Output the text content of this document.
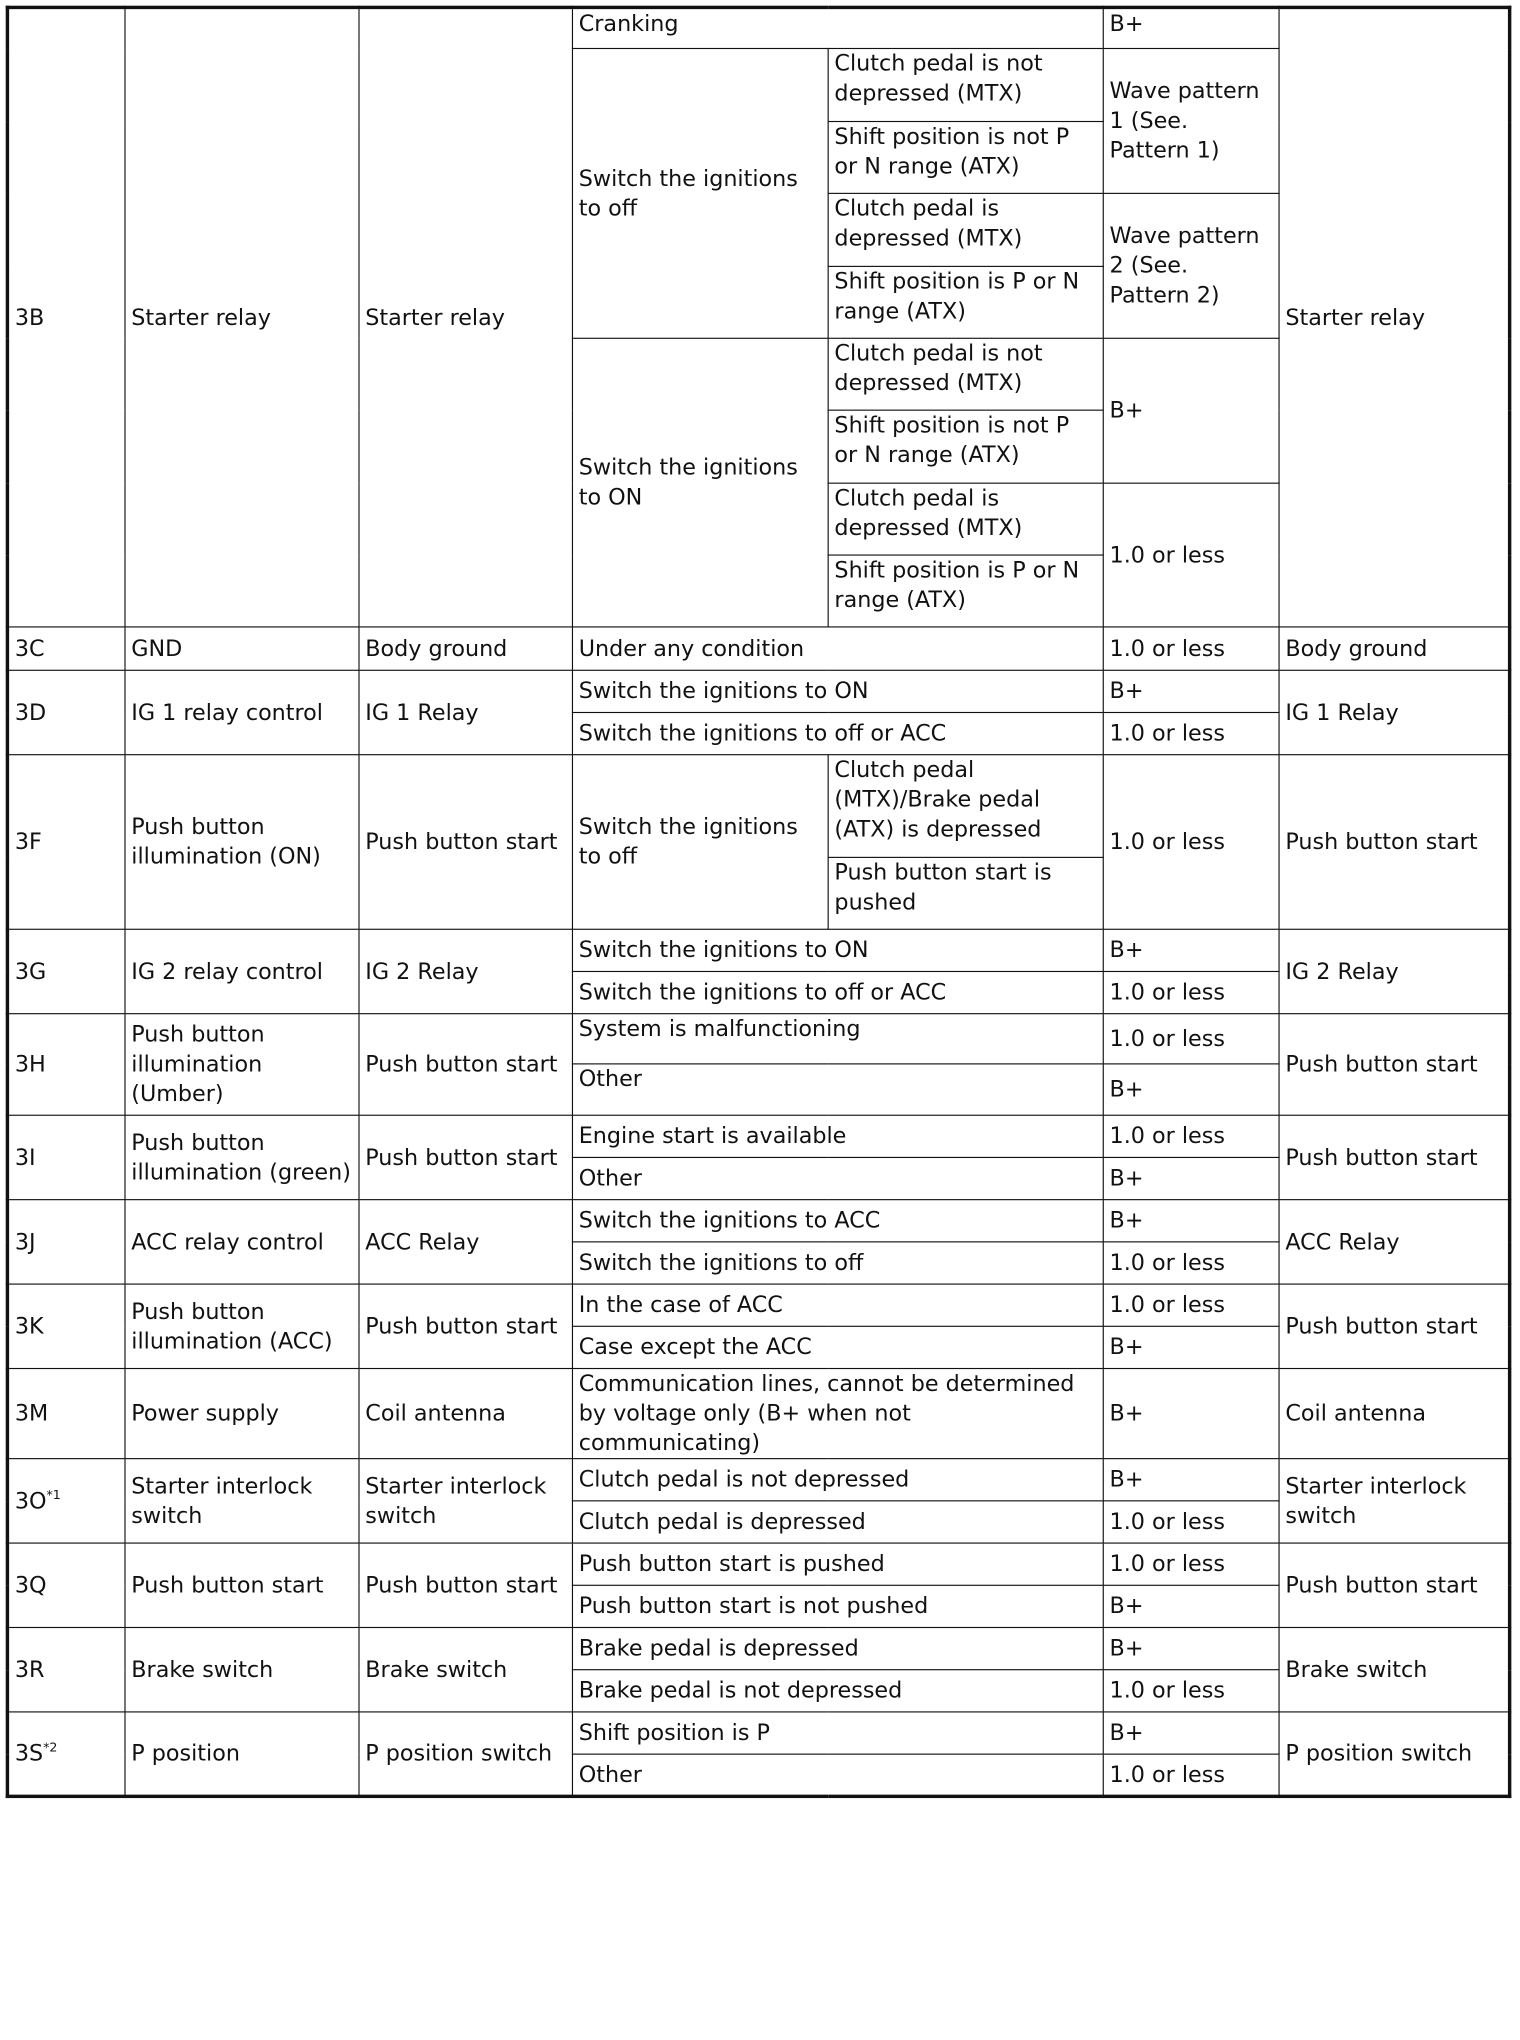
3B	Starter relay	Starter relay	Cranking		B+	Starter relay
			Switch the ignitions to off	Clutch pedal is not depressed (MTX)	Wave pattern 1 (See. Pattern 1)	
				Shift position is not P or N range (ATX)		
				Clutch pedal is depressed (MTX)	Wave pattern 2 (See. Pattern 2)	
				Shift position is P or N range (ATX)		
			Switch the ignitions to ON	Clutch pedal is not depressed (MTX)	B+	
				Shift position is not P or N range (ATX)		
				Clutch pedal is depressed (MTX)	1.0 or less	
				Shift position is P or N range (ATX)		
3C	GND	Body ground	Under any condition		1.0 or less	Body ground
3D	IG 1 relay control	IG 1 Relay	Switch the ignitions to ON		B+	IG 1 Relay
			Switch the ignitions to off or ACC		1.0 or less	
3F	Push button illumination (ON)	Push button start	Switch the ignitions to off	Clutch pedal (MTX)/Brake pedal (ATX) is depressed	1.0 or less	Push button start
				Push button start is pushed		
3G	IG 2 relay control	IG 2 Relay	Switch the ignitions to ON		B+	IG 2 Relay
			Switch the ignitions to off or ACC		1.0 or less	
3H	Push button illumination (Umber)	Push button start	System is malfunctioning		1.0 or less	Push button start
			Other		B+	
3I	Push button illumination (green)	Push button start	Engine start is available		1.0 or less	Push button start
			Other		B+	
3J	ACC relay control	ACC Relay	Switch the ignitions to ACC		B+	ACC Relay
			Switch the ignitions to off		1.0 or less	
3K	Push button illumination (ACC)	Push button start	In the case of ACC		1.0 or less	Push button start
			Case except the ACC		B+	
3M	Power supply	Coil antenna	Communication lines, cannot be determined by voltage only (B+ when not communicating)		B+	Coil antenna
$3O^{*1}$	Starter interlock switch	Starter interlock switch	Clutch pedal is not depressed		B+	Starter interlock switch
			Clutch pedal is depressed		1.0 or less	
3Q	Push button start	Push button start	Push button start is pushed		1.0 or less	Push button start
			Push button start is not pushed		B+	
3R	Brake switch	Brake switch	Brake pedal is depressed		B+	Brake switch
			Brake pedal is not depressed		1.0 or less	
$3S^{*2}$	P position	P position switch	Shift position is P		B+	P position switch
			Other		1.0 or less	
